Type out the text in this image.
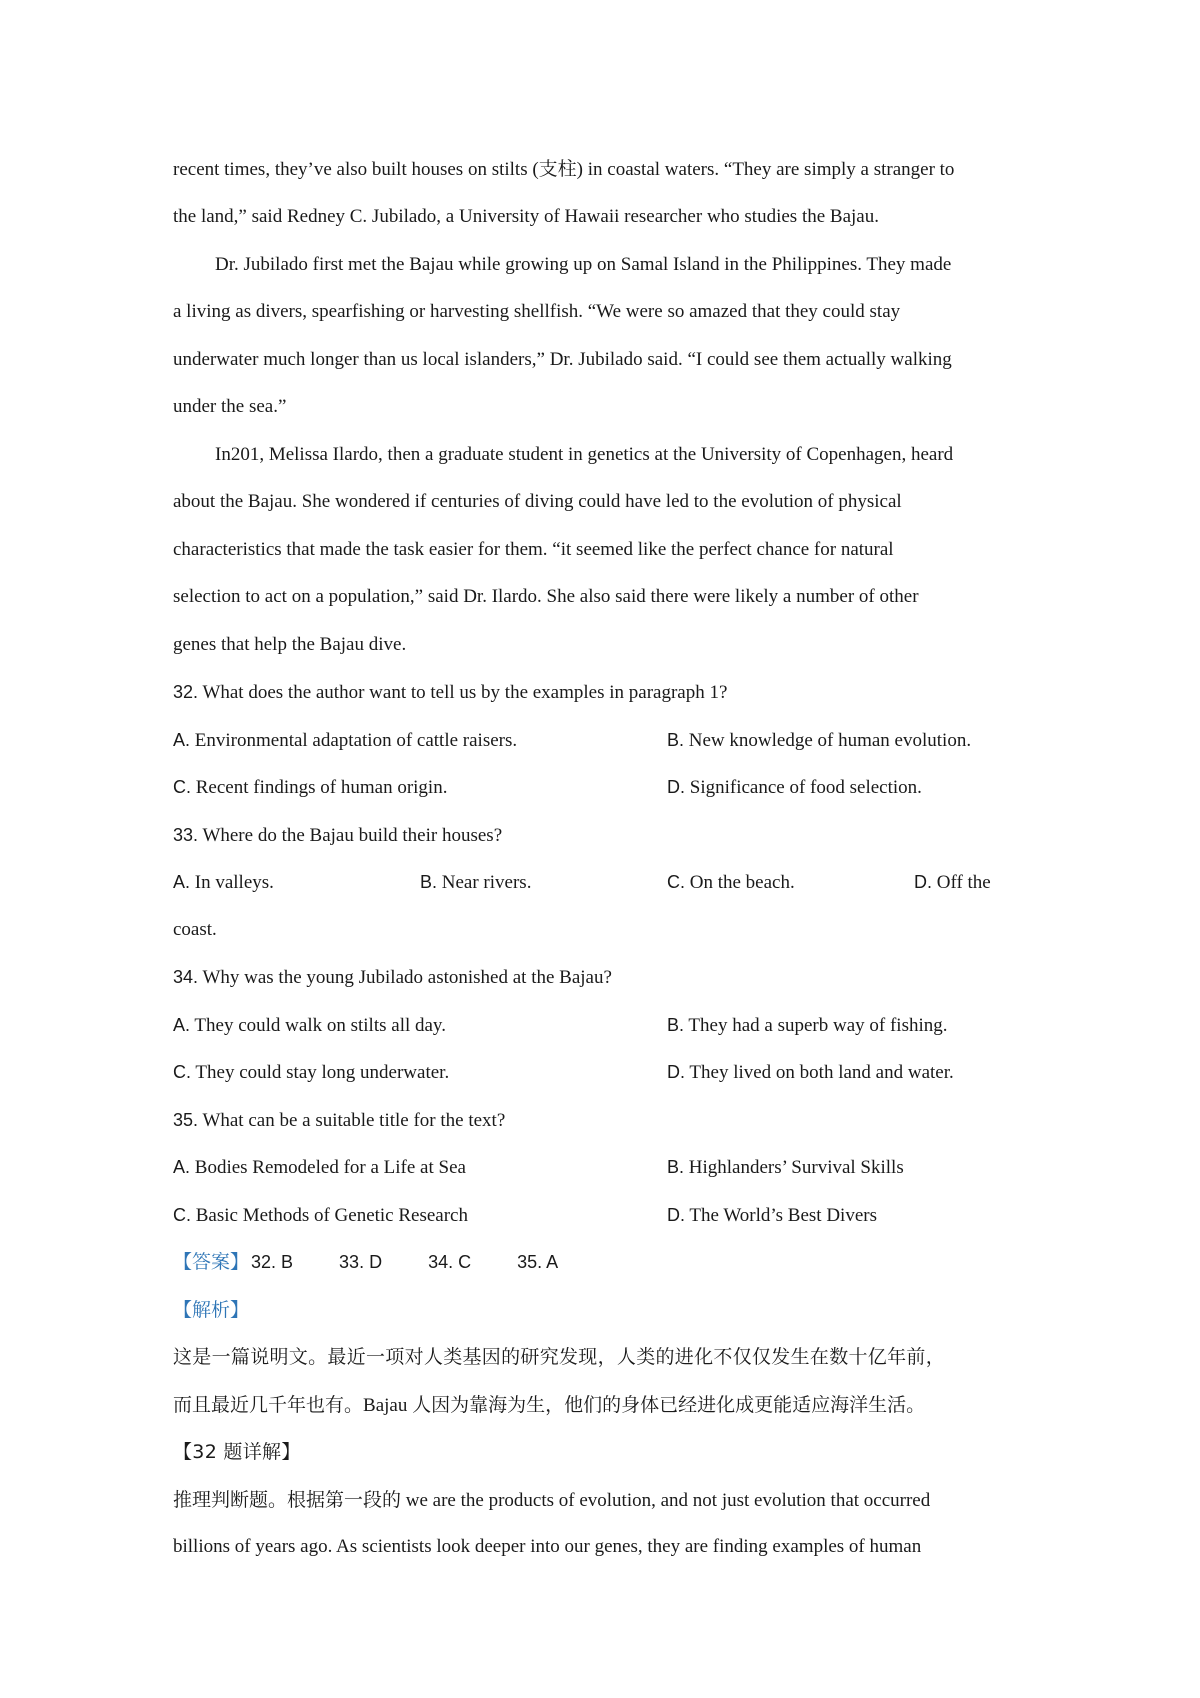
recent times, they’ve also built houses on stilts (支柱) in coastal waters. “They are simply a stranger to
the land,” said Redney C. Jubilado, a University of Hawaii researcher who studies the Bajau.
Dr. Jubilado first met the Bajau while growing up on Samal Island in the Philippines. They made
a living as divers, spearfishing or harvesting shellfish. “We were so amazed that they could stay
underwater much longer than us local islanders,” Dr. Jubilado said. “I could see them actually walking
under the sea.”
In201, Melissa Ilardo, then a graduate student in genetics at the University of Copenhagen, heard
about the Bajau. She wondered if centuries of diving could have led to the evolution of physical
characteristics that made the task easier for them. “it seemed like the perfect chance for natural
selection to act on a population,” said Dr. Ilardo. She also said there were likely a number of other
genes that help the Bajau dive.
32. What does the author want to tell us by the examples in paragraph 1?
A. Environmental adaptation of cattle raisers.	B. New knowledge of human evolution.
C. Recent findings of human origin.	D. Significance of food selection.
33. Where do the Bajau build their houses?
A. In valleys.	B. Near rivers.	C. On the beach.	D. Off the
coast.
34. Why was the young Jubilado astonished at the Bajau?
A. They could walk on stilts all day.	B. They had a superb way of fishing.
C. They could stay long underwater.	D. They lived on both land and water.
35. What can be a suitable title for the text?
A. Bodies Remodeled for a Life at Sea	B. Highlanders’ Survival Skills
C. Basic Methods of Genetic Research	D. The World’s Best Divers
【答案】 32. B	33. D	34. C	35. A
【解析】
这是一篇说明文。最近一项对人类基因的研究发现，人类的进化不仅仅发生在数十亿年前，
而且最近几千年也有。Bajau 人因为靠海为生，他们的身体已经进化成更能适应海洋生活。
【32 题详解】
推理判断题。根据第一段的 we are the products of evolution, and not just evolution that occurred
billions of years ago. As scientists look deeper into our genes, they are finding examples of human
